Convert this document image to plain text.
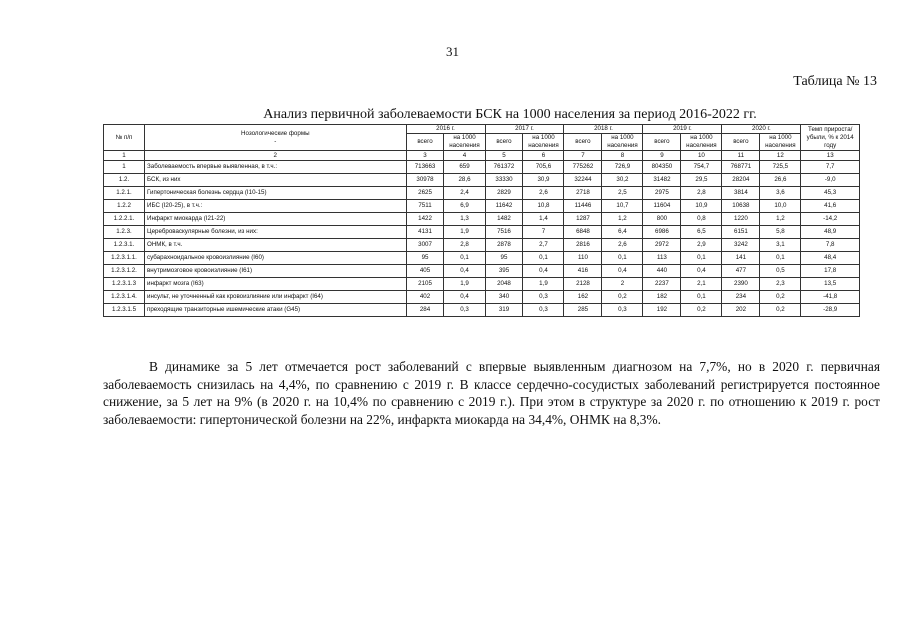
31
Таблица № 13
Анализ первичной заболеваемости БСК на 1000 населения за период 2016-2022 гг.
№ п/п	Нозологические формы
-	2016 г.		2017 г.		2018 г.		2019 г.		2020 г.		Темп прироста/ убыли, % к 2014 году
		всего	на 1000 населения	всего	на 1000 населения	всего	на 1000 населения	всего	на 1000 населения	всего	на 1000 населения	
1	2	3	4	5	6	7	8	9	10	11	12	13
1	Заболеваемость впервые выявленная, в т.ч.:	713663	659	761372	705,6	775262	726,9	804350	754,7	768771	725,5	7,7
1.2.	БСК, из них	30978	28,6	33330	30,9	32244	30,2	31482	29,5	28204	26,6	-9,0
1.2.1.	Гипертоническая болезнь сердца (I10-15)	2625	2,4	2829	2,6	2718	2,5	2975	2,8	3814	3,6	45,3
1.2.2	ИБС (I20-25), в т.ч.:	7511	6,9	11642	10,8	11446	10,7	11604	10,9	10638	10,0	41,6
1.2.2.1.	Инфаркт миокарда (I21-22)	1422	1,3	1482	1,4	1287	1,2	800	0,8	1220	1,2	-14,2
1.2.3.	Цереброваскулярные болезни, из них:	4131	1,9	7516	7	6848	6,4	6986	6,5	6151	5,8	48,9
1.2.3.1.	ОНМК, в т.ч.	3007	2,8	2878	2,7	2816	2,6	2972	2,9	3242	3,1	7,8
1.2.3.1.1.	субарахноидальное кровоизлияние (I60)	95	0,1	95	0,1	110	0,1	113	0,1	141	0,1	48,4
1.2.3.1.2.	внутримозговое кровоизлияние (I61)	405	0,4	395	0,4	416	0,4	440	0,4	477	0,5	17,8
1.2.3.1.3	инфаркт мозга (I63)	2105	1,9	2048	1,9	2128	2	2237	2,1	2390	2,3	13,5
1.2.3.1.4.	инсульт, не уточненный как кровоизлияние или инфаркт (I64)	402	0,4	340	0,3	162	0,2	182	0,1	234	0,2	-41,8
1.2.3.1.5	преходящие транзиторные ишемические атаки (G45)	284	0,3	319	0,3	285	0,3	192	0,2	202	0,2	-28,9
В динамике за 5 лет отмечается рост заболеваний с впервые выявленным диагнозом на 7,7%, но в 2020 г. первичная заболеваемость снизилась на 4,4%, по сравнению с 2019 г. В классе сердечно-сосудистых заболеваний регистрируется постоянное снижение, за 5 лет на 9% (в 2020 г. на 10,4% по сравнению с 2019 г.). При этом в структуре за 2020 г. по отношению к 2019 г. рост заболеваемости: гипертонической болезни на 22%, инфаркта миокарда на 34,4%, ОНМК на 8,3%.
